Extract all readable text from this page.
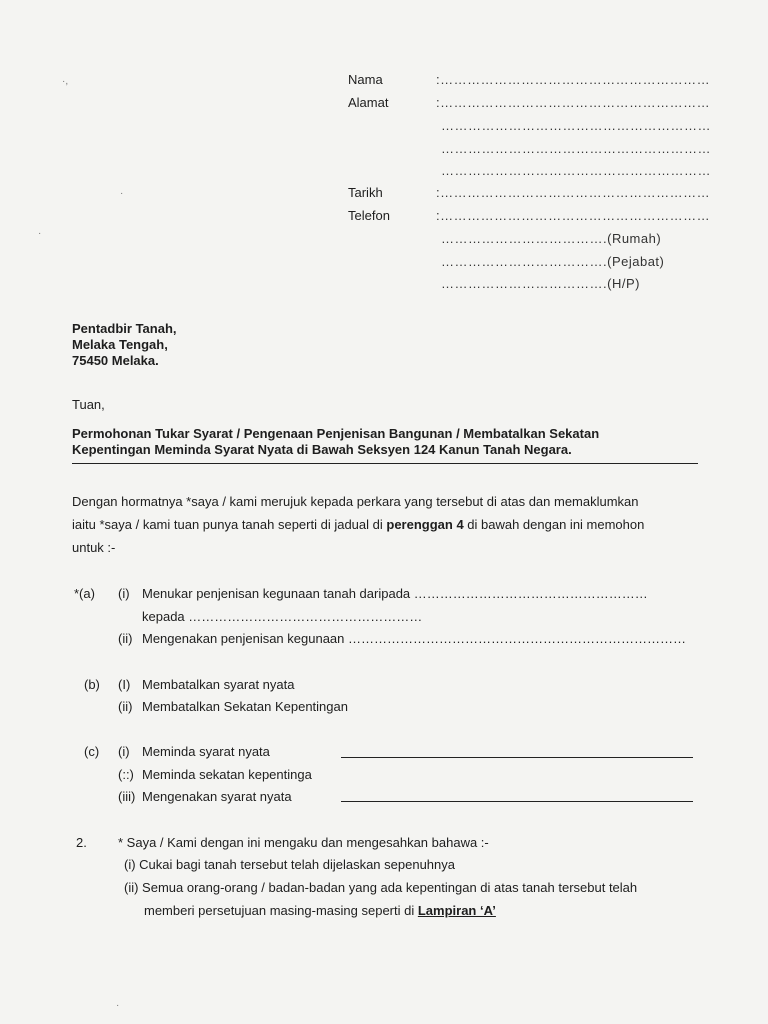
·,
·
·
Nama	:……………………………………………………
Alamat	:……………………………………………………
……………………………………………………
……………………………………………………
……………………………………………………
Tarikh	:……………………………………………………
Telefon	:……………………………………………………
……………………………….(Rumah)
……………………………….(Pejabat)
……………………………….(H/P)
Pentadbir Tanah,
Melaka Tengah,
75450 Melaka.
Tuan,
Permohonan Tukar Syarat / Pengenaan Penjenisan Bangunan / Membatalkan Sekatan
Kepentingan Meminda Syarat Nyata di Bawah Seksyen 124 Kanun Tanah Negara.
Dengan hormatnya *saya / kami merujuk kepada perkara yang tersebut di atas dan memaklumkan
iaitu *saya / kami tuan punya tanah seperti di jadual di perenggan 4 di bawah dengan ini memohon
untuk :-
*(a) (i) Menukar penjenisan kegunaan tanah daripada ………………………………………………
kepada ………………………………………………
(ii) Mengenakan penjenisan kegunaan ……………………………………………………………………
(b) (I) Membatalkan syarat nyata
(ii) Membatalkan Sekatan Kepentingan
(c) (i) Meminda syarat nyata
(::) Meminda sekatan kepentinga
(iii) Mengenakan syarat nyata
2. * Saya / Kami dengan ini mengaku dan mengesahkan bahawa :-
(i) Cukai bagi tanah tersebut telah dijelaskan sepenuhnya
(ii) Semua orang-orang / badan-badan yang ada kepentingan di atas tanah tersebut telah
memberi persetujuan masing-masing seperti di Lampiran ‘A’
·
